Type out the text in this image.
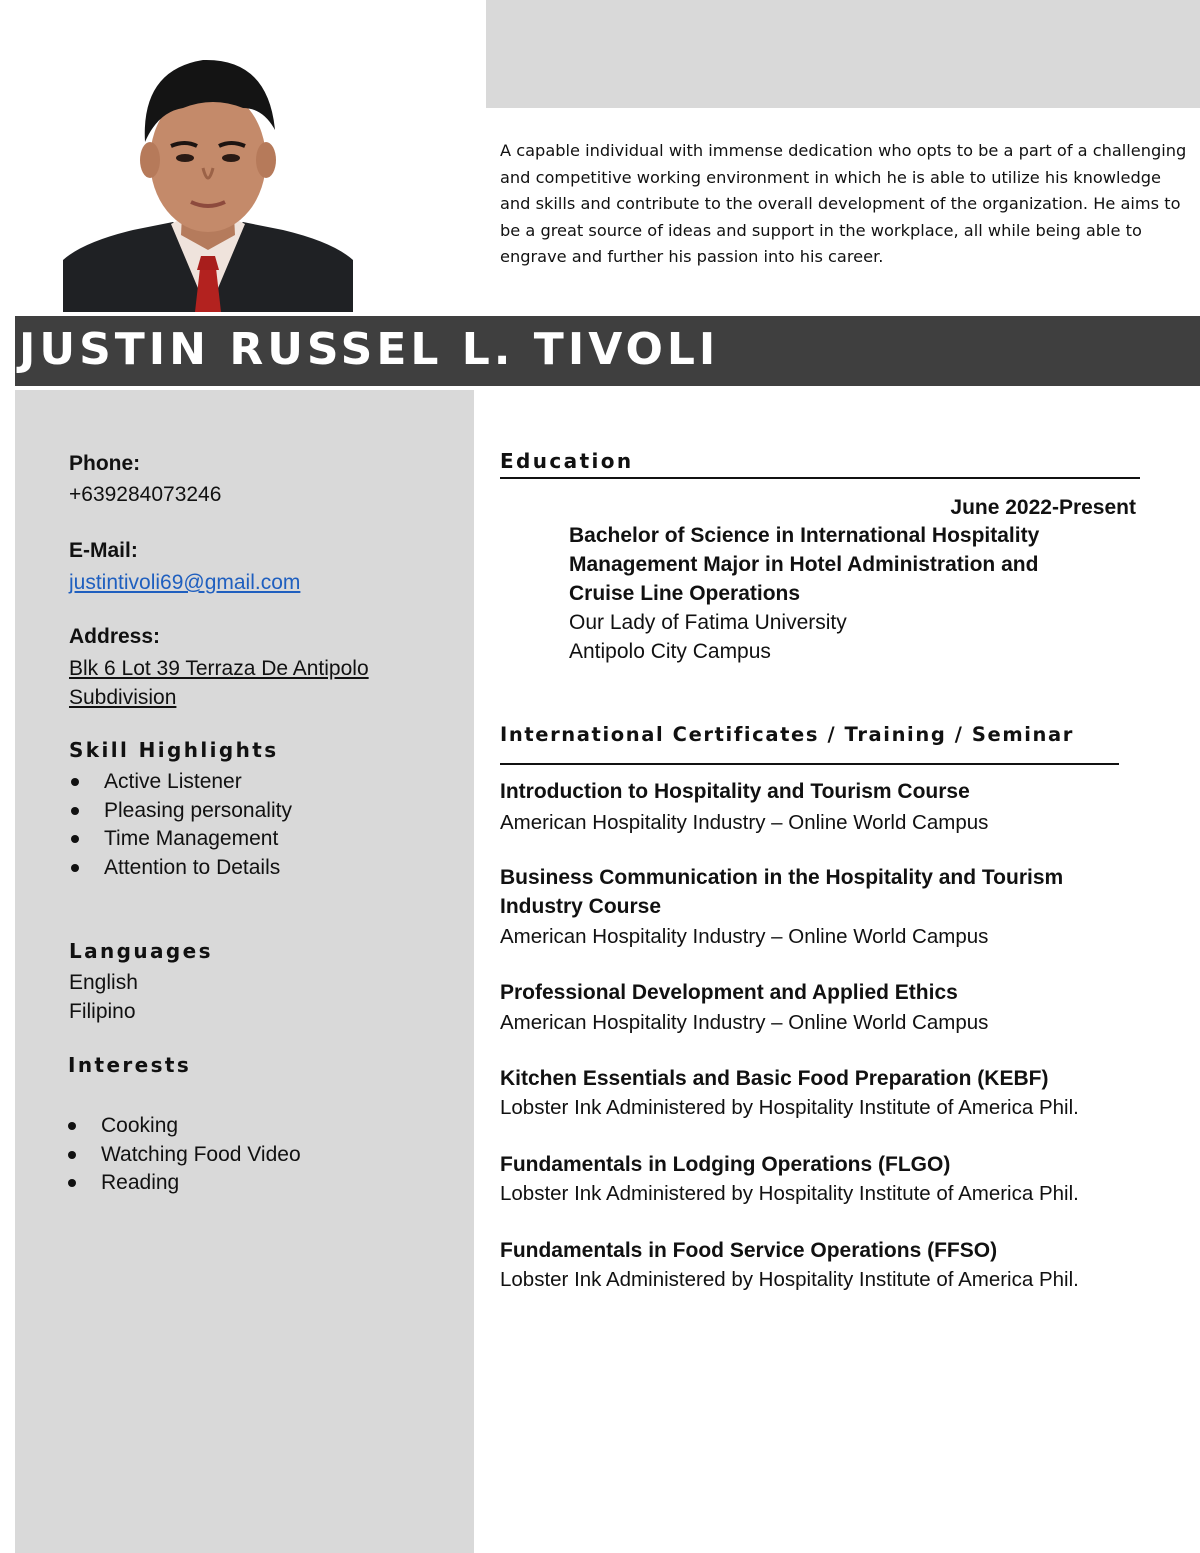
A capable individual with immense dedication who opts to be a part of a challenging and competitive working environment in which he is able to utilize his knowledge and skills and contribute to the overall development of the organization. He aims to be a great source of ideas and support in the workplace, all while being able to engrave and further his passion into his career.
JUSTIN RUSSEL L. TIVOLI
Phone:
+639284073246
E-Mail:
justintivoli69@gmail.com
Address:
Blk 6 Lot 39 Terraza De Antipolo
Subdivision
Skill Highlights
Active Listener
Pleasing personality
Time Management
Attention to Details
Languages
English
Filipino
Interests
Cooking
Watching Food Video
Reading
Education
June 2022-Present
Bachelor of Science in International Hospitality
Management Major in Hotel Administration and
Cruise Line Operations
Our Lady of Fatima University
Antipolo City Campus
International Certificates / Training / Seminar
Introduction to Hospitality and Tourism Course
American Hospitality Industry – Online World Campus
Business Communication in the Hospitality and Tourism Industry Course
American Hospitality Industry – Online World Campus
Professional Development and Applied Ethics
American Hospitality Industry – Online World Campus
Kitchen Essentials and Basic Food Preparation (KEBF)
Lobster Ink Administered by Hospitality Institute of America Phil.
Fundamentals in Lodging Operations (FLGO)
Lobster Ink Administered by Hospitality Institute of America Phil.
Fundamentals in Food Service Operations (FFSO)
Lobster Ink Administered by Hospitality Institute of America Phil.
